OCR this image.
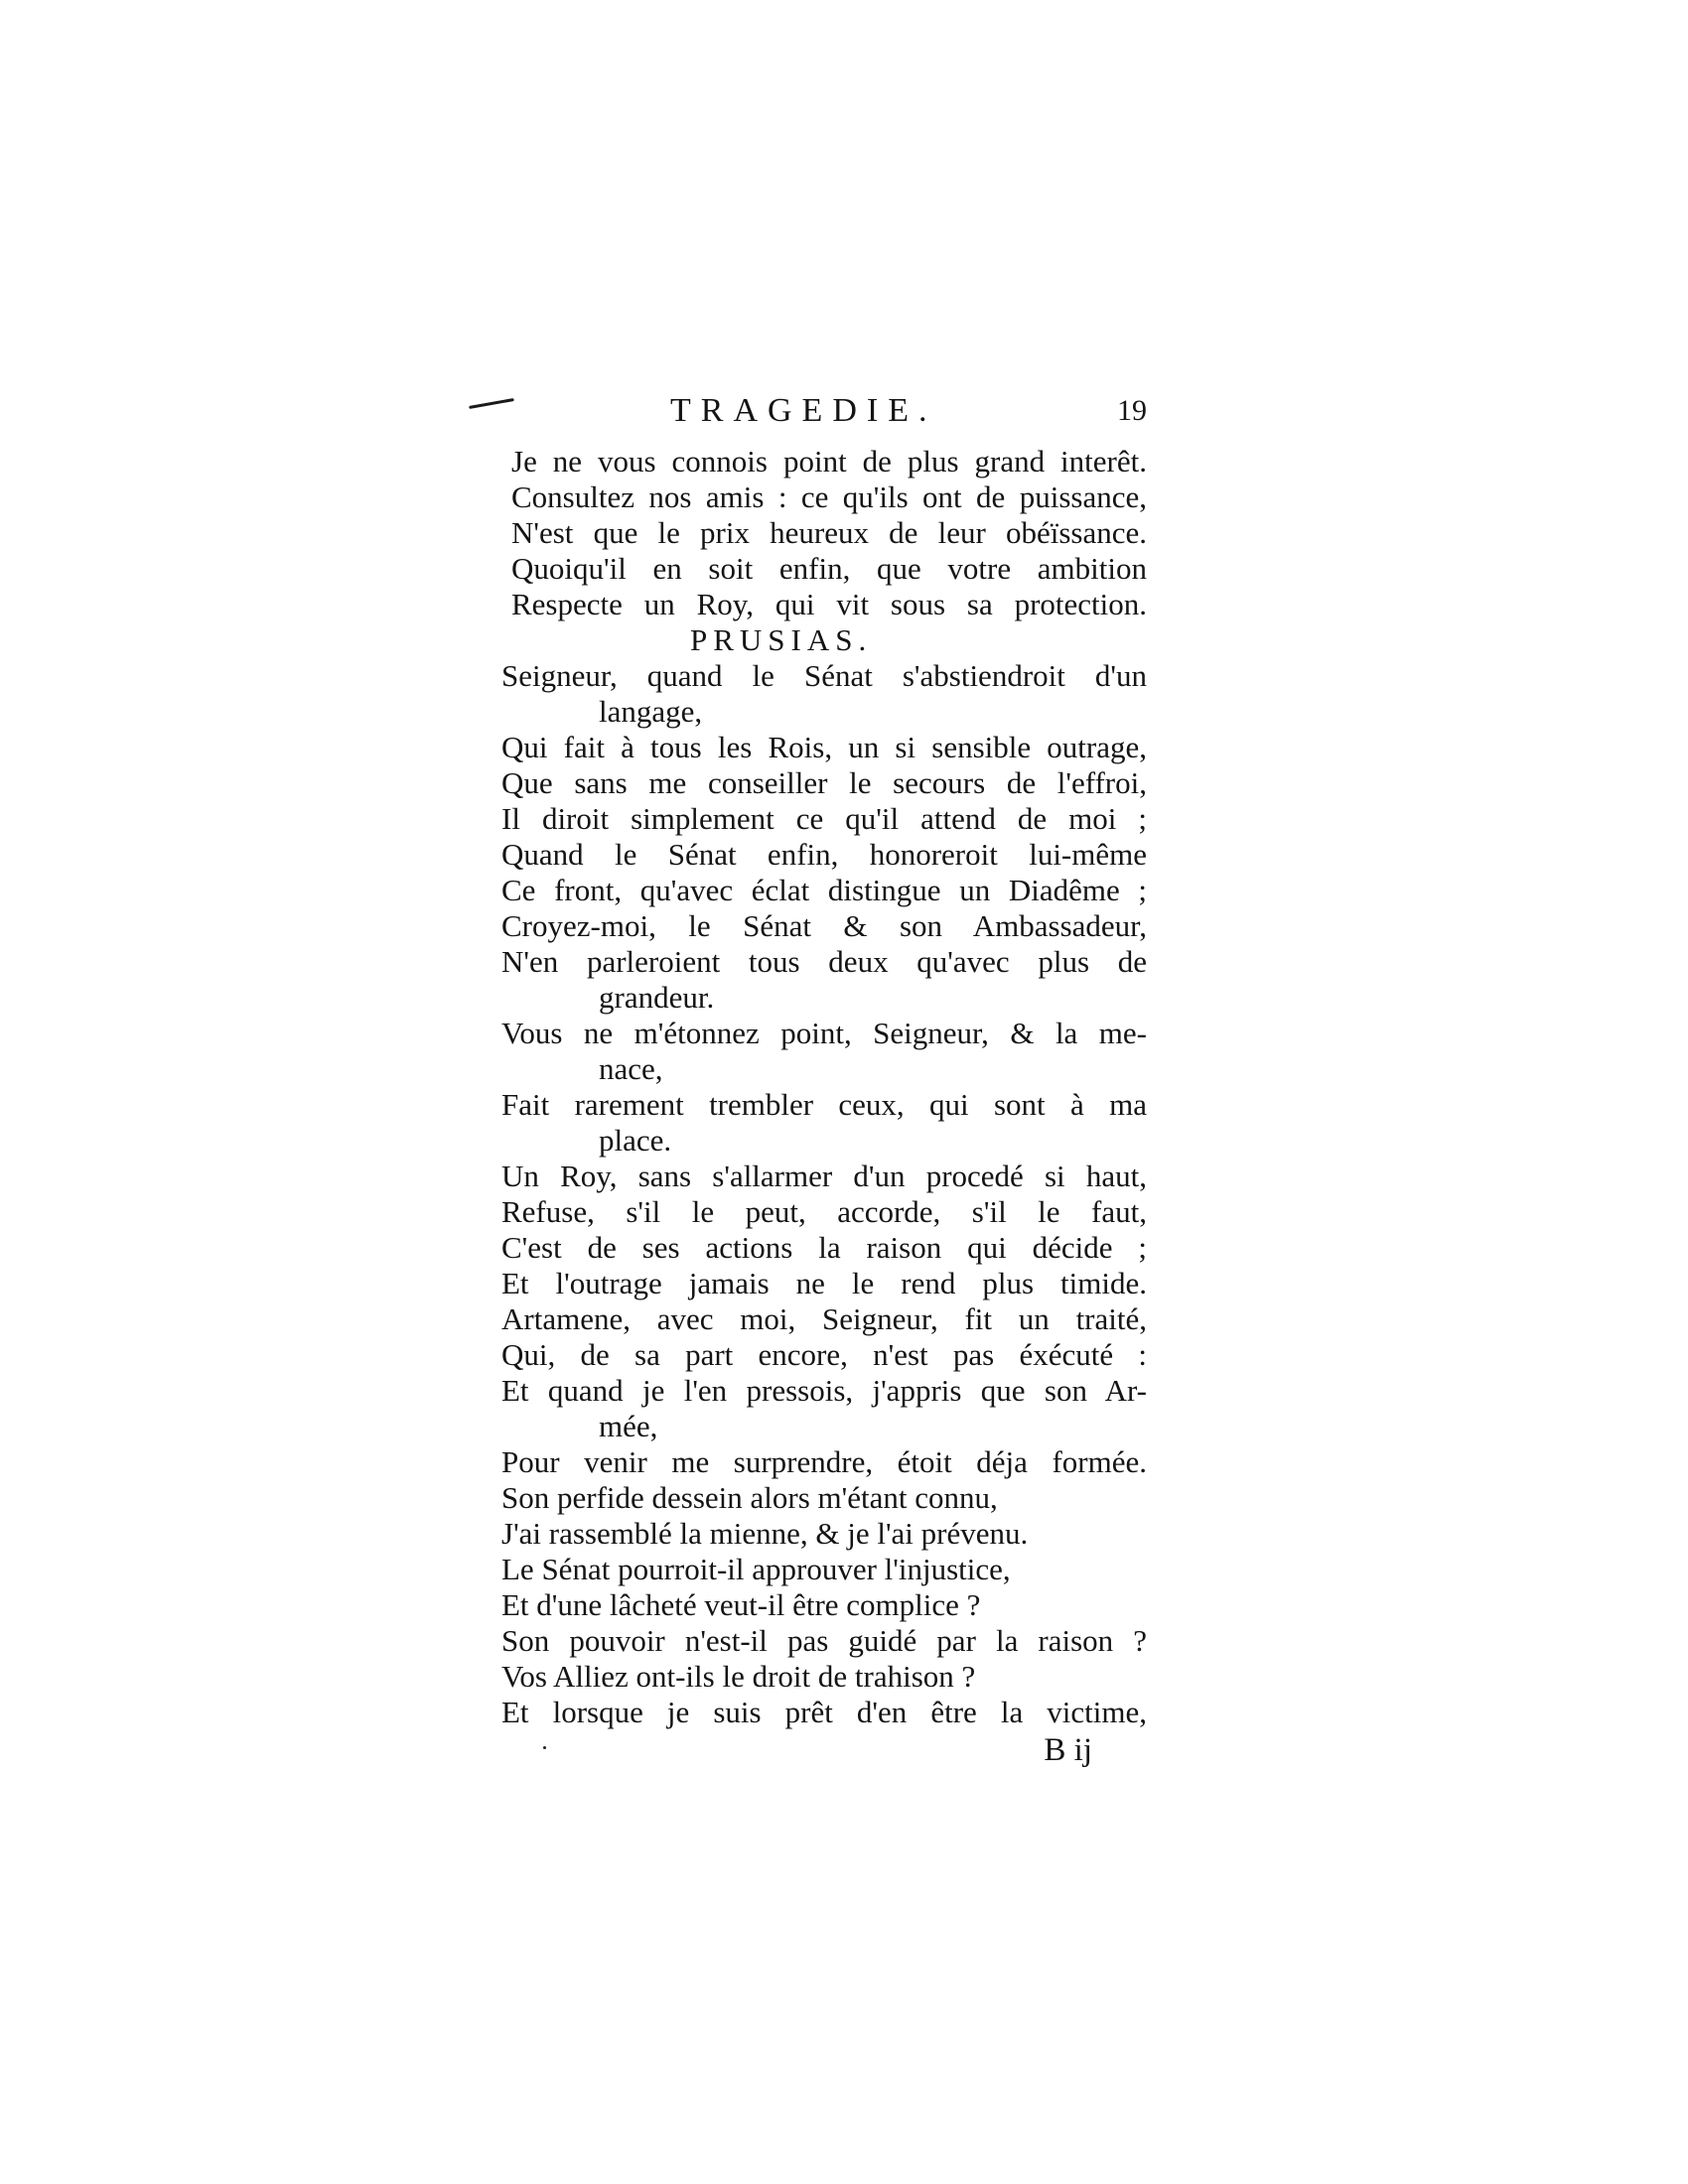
TRAGEDIE.	19
Je ne vous connois point de plus grand interêt.
Consultez nos amis : ce qu'ils ont de puissance,
N'est que le prix heureux de leur obéïssance.
Quoiqu'il en soit enfin, que votre ambition
Respecte un Roy, qui vit sous sa protection.
PRUSIAS.
Seigneur, quand le Sénat s'abstiendroit d'un
langage,
Qui fait à tous les Rois, un si sensible outrage,
Que sans me conseiller le secours de l'effroi,
Il diroit simplement ce qu'il attend de moi ;
Quand le Sénat enfin, honoreroit lui-même
Ce front, qu'avec éclat distingue un Diadême ;
Croyez-moi, le Sénat & son Ambassadeur,
N'en parleroient tous deux qu'avec plus de
grandeur.
Vous ne m'étonnez point, Seigneur, & la me-
nace,
Fait rarement trembler ceux, qui sont à ma
place.
Un Roy, sans s'allarmer d'un procedé si haut,
Refuse, s'il le peut, accorde, s'il le faut,
C'est de ses actions la raison qui décide ;
Et l'outrage jamais ne le rend plus timide.
Artamene, avec moi, Seigneur, fit un traité,
Qui, de sa part encore, n'est pas éxécuté :
Et quand je l'en pressois, j'appris que son Ar-
mée,
Pour venir me surprendre, étoit déja formée.
Son perfide dessein alors m'étant connu,
J'ai rassemblé la mienne, & je l'ai prévenu.
Le Sénat pourroit-il approuver l'injustice,
Et d'une lâcheté veut-il être complice ?
Son pouvoir n'est-il pas guidé par la raison ?
Vos Alliez ont-ils le droit de trahison ?
Et lorsque je suis prêt d'en être la victime,
B ij
